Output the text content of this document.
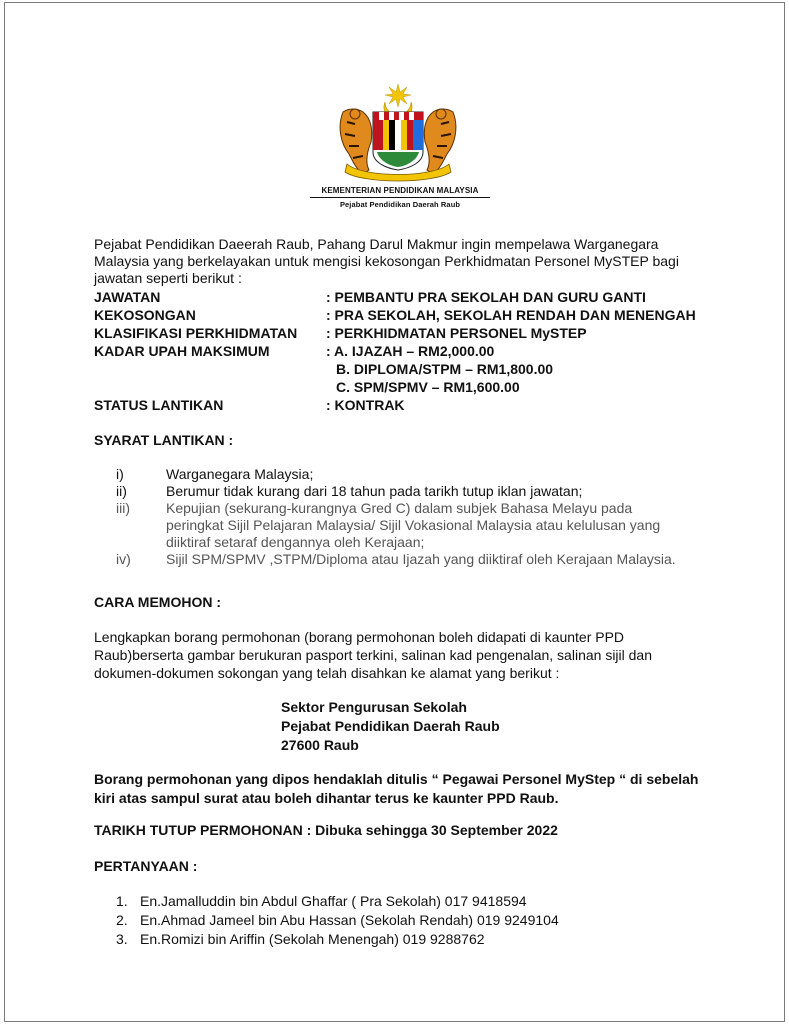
KEMENTERIAN PENDIDIKAN MALAYSIA
Pejabat Pendidikan Daerah Raub
Pejabat Pendidikan Daeerah Raub, Pahang Darul Makmur ingin mempelawa Warganegara Malaysia yang berkelayakan untuk mengisi kekosongan Perkhidmatan Personel MySTEP bagi jawatan seperti berikut :
JAWATAN	: PEMBANTU PRA SEKOLAH DAN GURU GANTI
KEKOSONGAN	: PRA SEKOLAH, SEKOLAH RENDAH DAN MENENGAH
KLASIFIKASI PERKHIDMATAN	: PERKHIDMATAN PERSONEL MySTEP
KADAR UPAH MAKSIMUM	: A. IJAZAH – RM2,000.00
B. DIPLOMA/STPM – RM1,800.00
C. SPM/SPMV – RM1,600.00
STATUS LANTIKAN	: KONTRAK
SYARAT LANTIKAN :
i)	Warganegara Malaysia;
ii)	Berumur tidak kurang dari 18 tahun pada tarikh tutup iklan jawatan;
iii)	Kepujian (sekurang-kurangnya Gred C) dalam subjek Bahasa Melayu pada peringkat Sijil Pelajaran Malaysia/ Sijil Vokasional Malaysia atau kelulusan yang diiktiraf setaraf dengannya oleh Kerajaan;
iv)	Sijil SPM/SPMV ,STPM/Diploma atau Ijazah yang diiktiraf oleh Kerajaan Malaysia.
CARA MEMOHON :
Lengkapkan borang permohonan (borang permohonan boleh didapati di kaunter PPD Raub)berserta gambar berukuran pasport terkini, salinan kad pengenalan, salinan sijil dan dokumen-dokumen sokongan yang telah disahkan ke alamat yang berikut :
Sektor Pengurusan Sekolah
Pejabat Pendidikan Daerah Raub
27600 Raub
Borang permohonan yang dipos hendaklah ditulis “ Pegawai Personel MyStep “ di sebelah kiri atas sampul surat atau boleh dihantar terus ke kaunter PPD Raub.
TARIKH TUTUP PERMOHONAN : Dibuka sehingga 30 September 2022
PERTANYAAN :
1. En.Jamalluddin bin Abdul Ghaffar ( Pra Sekolah) 017 9418594
2. En.Ahmad Jameel bin Abu Hassan (Sekolah Rendah) 019 9249104
3. En.Romizi bin Ariffin (Sekolah Menengah) 019 9288762
